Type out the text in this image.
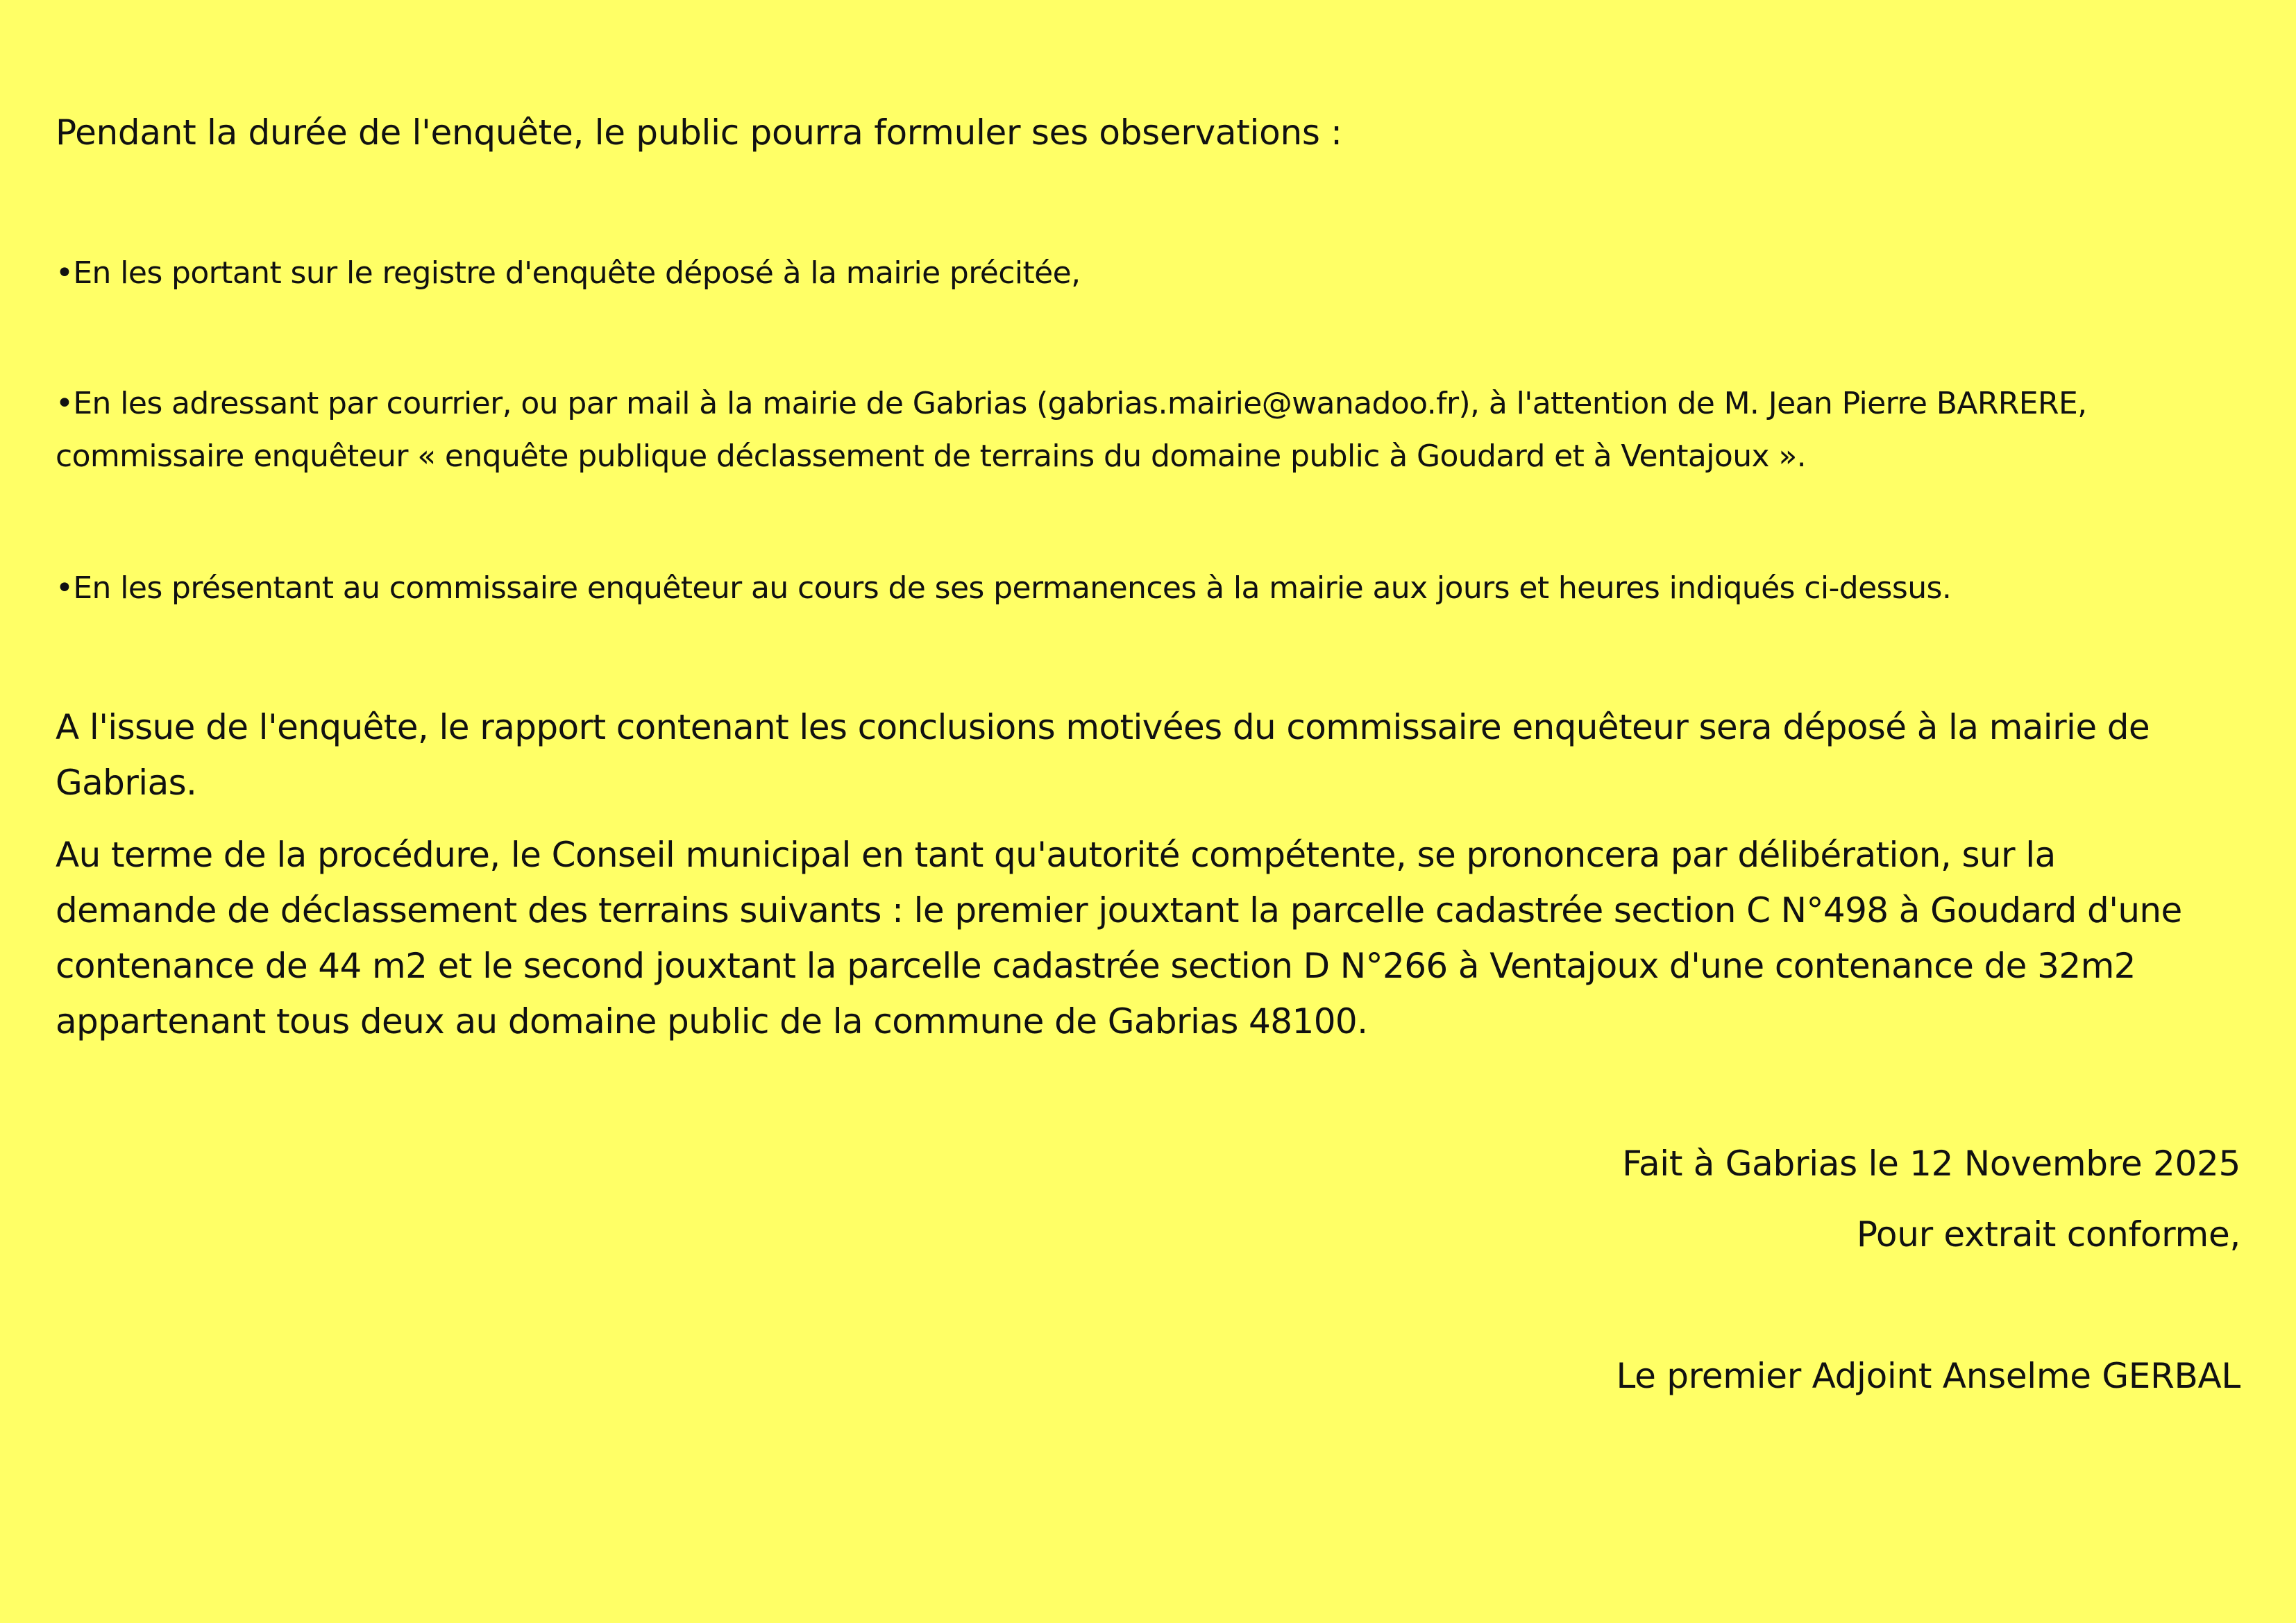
Pendant la durée de l'enquête, le public pourra formuler ses observations :

•En les portant sur le registre d'enquête déposé à la mairie précitée,

•En les adressant par courrier, ou par mail à la mairie de Gabrias (gabrias.mairie@wanadoo.fr), à l'attention de M. Jean Pierre BARRERE,
commissaire enquêteur « enquête publique déclassement de terrains du domaine public à Goudard et à Ventajoux ».

•En les présentant au commissaire enquêteur au cours de ses permanences à la mairie aux jours et heures indiqués ci-dessus.

A l'issue de l'enquête, le rapport contenant les conclusions motivées du commissaire enquêteur sera déposé à la mairie de
Gabrias.

Au terme de la procédure, le Conseil municipal en tant qu'autorité compétente, se prononcera par délibération, sur la
demande de déclassement des terrains suivants : le premier jouxtant la parcelle cadastrée section C N°498 à Goudard d'une
contenance de 44 m2 et le second jouxtant la parcelle cadastrée section D N°266 à Ventajoux d'une contenance de 32m2
appartenant tous deux au domaine public de la commune de Gabrias 48100.

Fait à Gabrias le 12 Novembre 2025

Pour extrait conforme,

Le premier Adjoint Anselme GERBAL
